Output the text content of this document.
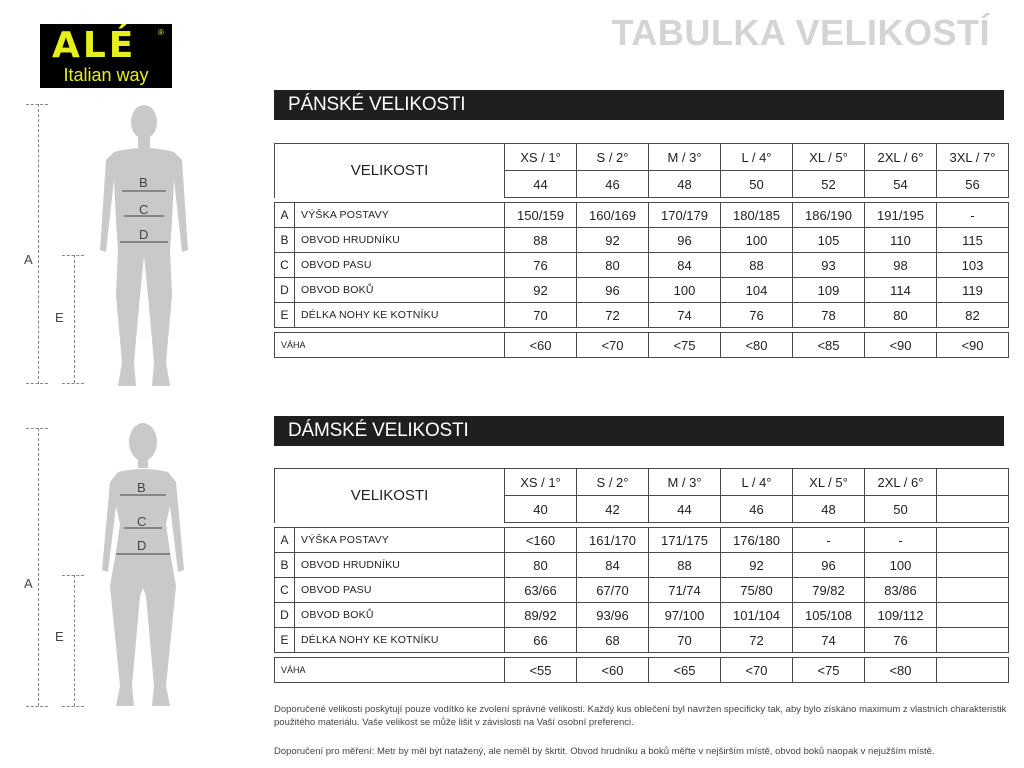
ALÉ	®
Italian way
TABULKA VELIKOSTÍ
B
C
D
A
E
B
C
D
A
E
PÁNSKÉ VELIKOSTI
VELIKOSTI		XS / 1°	S / 2°	M / 3°	L / 4°	XL / 5°	2XL / 6°	3XL / 7°
		44	46	48	50	52	54	56

A	VÝŠKA POSTAVY	150/159	160/169	170/179	180/185	186/190	191/195	-
B	OBVOD HRUDNÍKU	88	92	96	100	105	110	115
C	OBVOD PASU	76	80	84	88	93	98	103
D	OBVOD BOKŮ	92	96	100	104	109	114	119
E	DÉLKA NOHY KE KOTNÍKU	70	72	74	76	78	80	82

VÁHA		<60	<70	<75	<80	<85	<90	<90
DÁMSKÉ VELIKOSTI
VELIKOSTI		XS / 1°	S / 2°	M / 3°	L / 4°	XL / 5°	2XL / 6°	
		40	42	44	46	48	50	

A	VÝŠKA POSTAVY	<160	161/170	171/175	176/180	-	-	
B	OBVOD HRUDNÍKU	80	84	88	92	96	100	
C	OBVOD PASU	63/66	67/70	71/74	75/80	79/82	83/86	
D	OBVOD BOKŮ	89/92	93/96	97/100	101/104	105/108	109/112	
E	DÉLKA NOHY KE KOTNÍKU	66	68	70	72	74	76	

VÁHA		<55	<60	<65	<70	<75	<80	
Doporučené velikosti poskytují pouze vodítko ke zvolení správné velikosti. Každý kus oblečení byl navržen specificky tak, aby bylo získáno maximum z vlastních charakteristik použitého materiálu. Vaše velikost se může lišit v závislosti na Vaší osobní preferenci.
Doporučení pro měření: Metr by měl být natažený, ale neměl by škrtit. Obvod hrudníku a boků měřte v nejširším místě, obvod boků naopak v nejužším místě.
